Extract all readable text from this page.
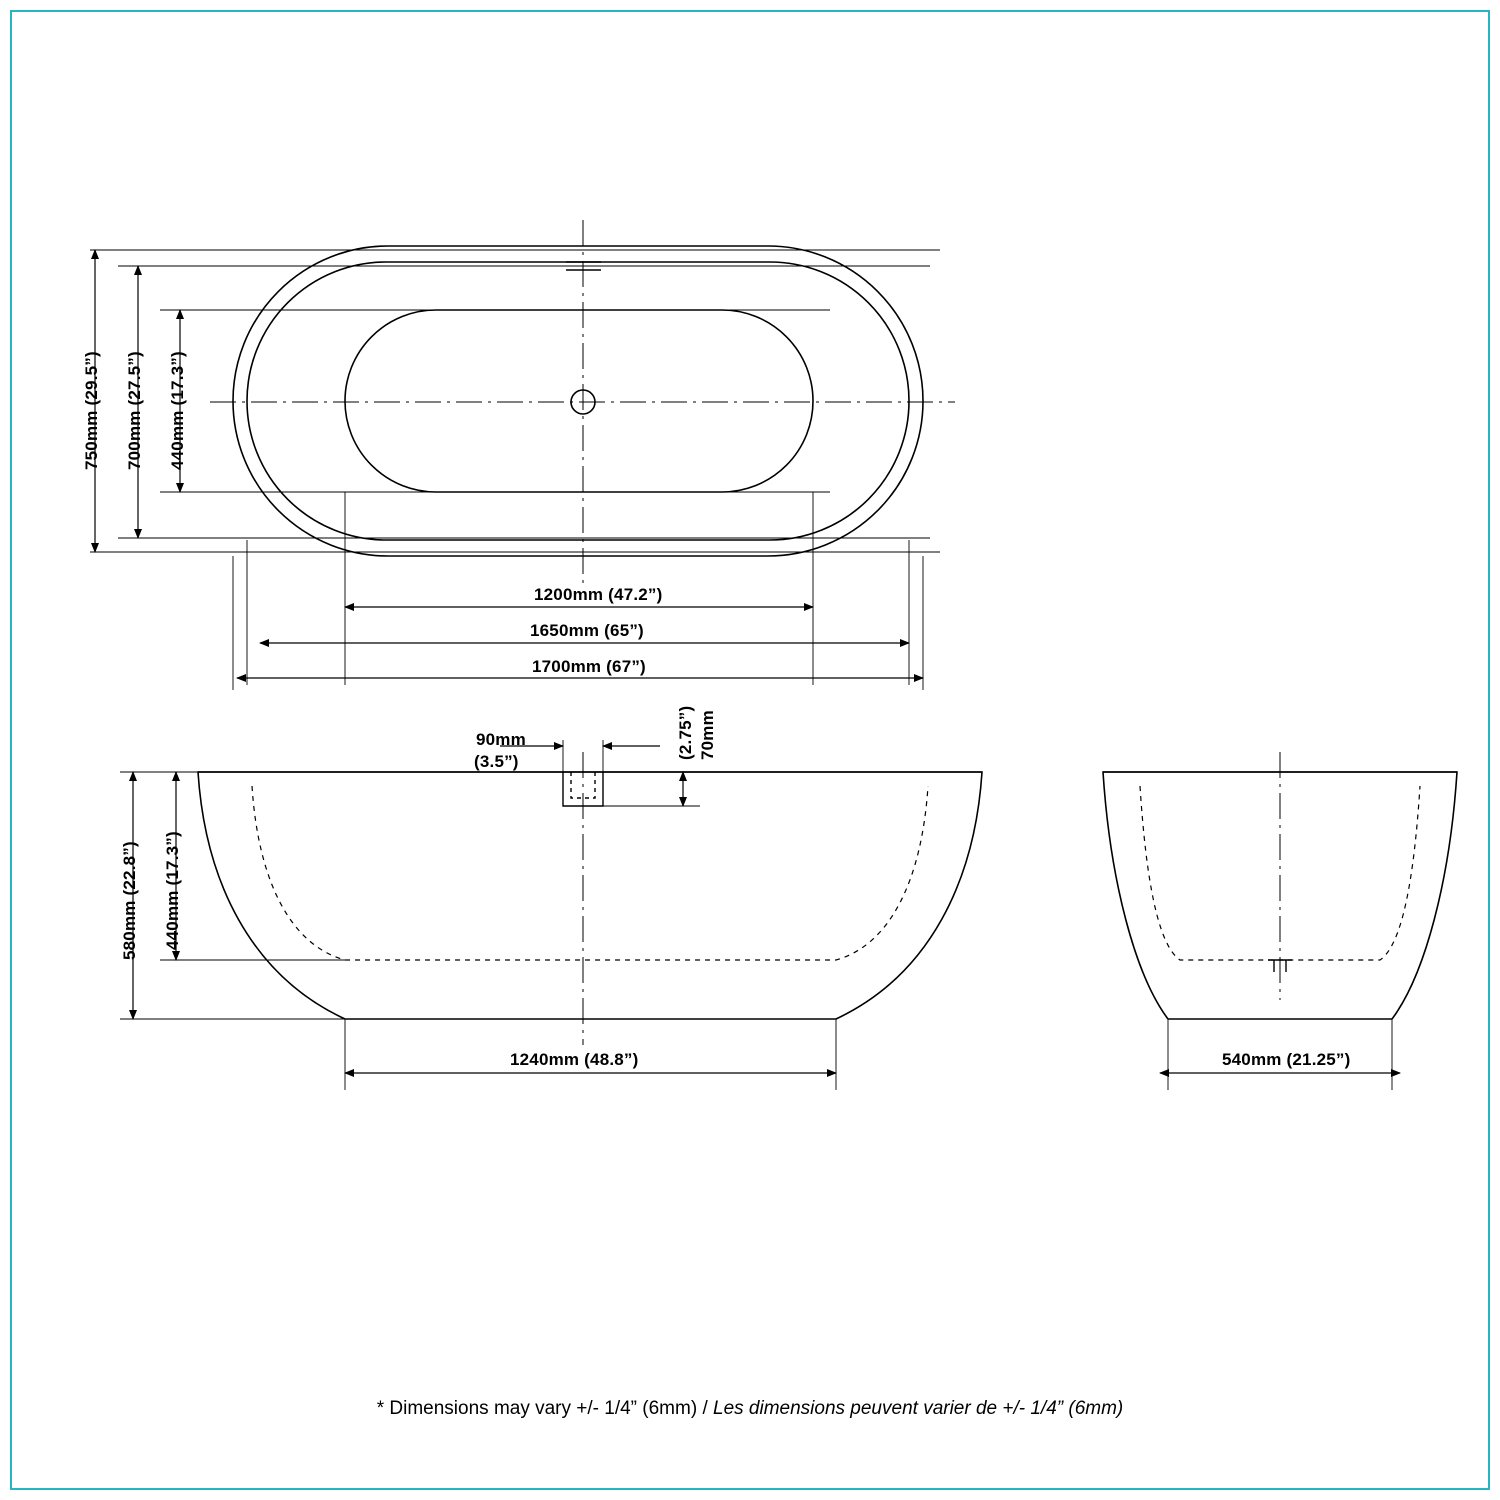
750mm (29.5”) 700mm (27.5”) 440mm (17.3”)
1200mm (47.2”)
1650mm (65”)
1700mm (67”)
90mm
(3.5”)
70mm
(2.75”)
580mm (22.8”) 440mm (17.3”)
1240mm (48.8”)	540mm (21.25”)
* Dimensions may vary +/- 1/4” (6mm) / Les dimensions peuvent varier de +/- 1/4” (6mm)
